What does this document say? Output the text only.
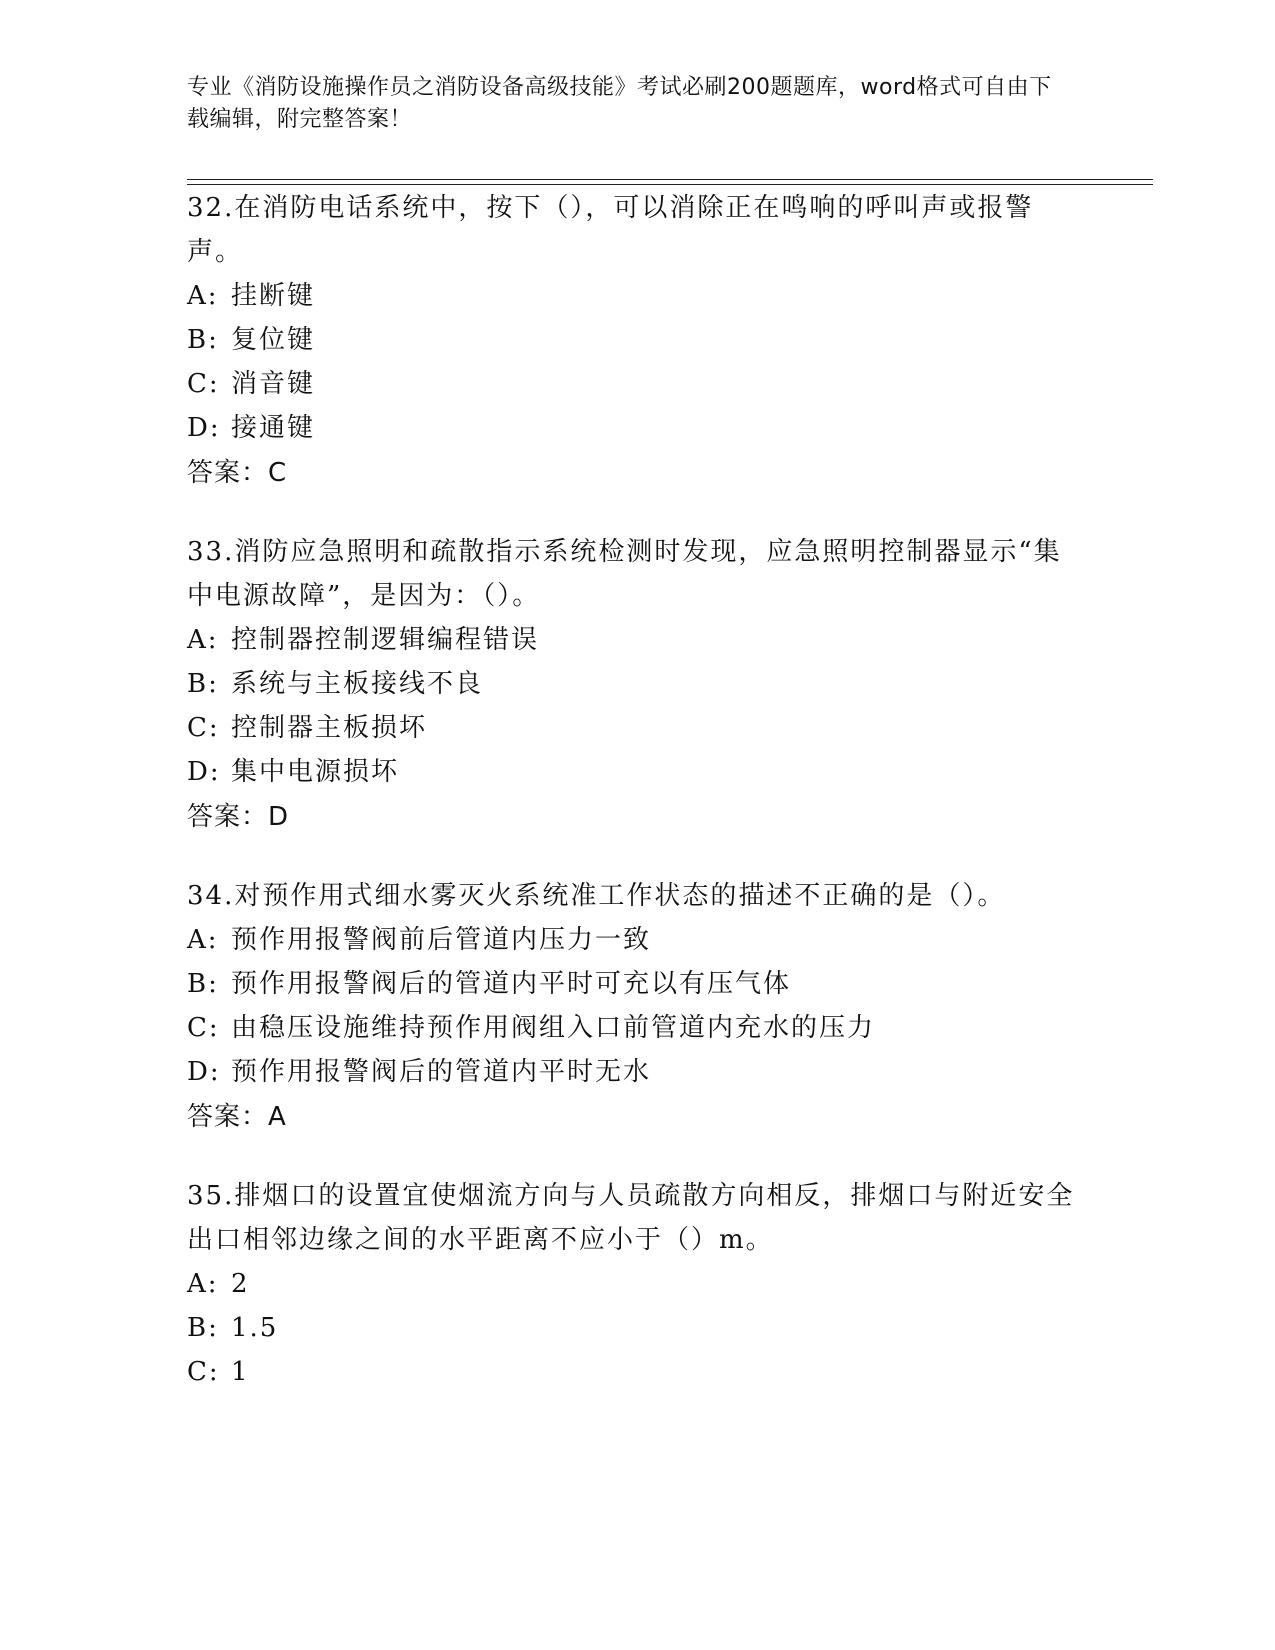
专业《消防设施操作员之消防设备高级技能》考试必刷200题题库，word格式可自由下载编辑，附完整答案！

32.在消防电话系统中，按下（），可以消除正在鸣响的呼叫声或报警声。

A: 挂断键
B: 复位键
C: 消音键
D: 接通键
答案：C

33.消防应急照明和疏散指示系统检测时发现，应急照明控制器显示“集中电源故障”，是因为：（）。

A: 控制器控制逻辑编程错误
B: 系统与主板接线不良
C: 控制器主板损坏
D: 集中电源损坏
答案：D

34.对预作用式细水雾灭火系统准工作状态的描述不正确的是（）。

A: 预作用报警阀前后管道内压力一致
B: 预作用报警阀后的管道内平时可充以有压气体
C: 由稳压设施维持预作用阀组入口前管道内充水的压力
D: 预作用报警阀后的管道内平时无水
答案：A

35.排烟口的设置宜使烟流方向与人员疏散方向相反，排烟口与附近安全出口相邻边缘之间的水平距离不应小于（）m。

A: 2
B: 1.5
C: 1
